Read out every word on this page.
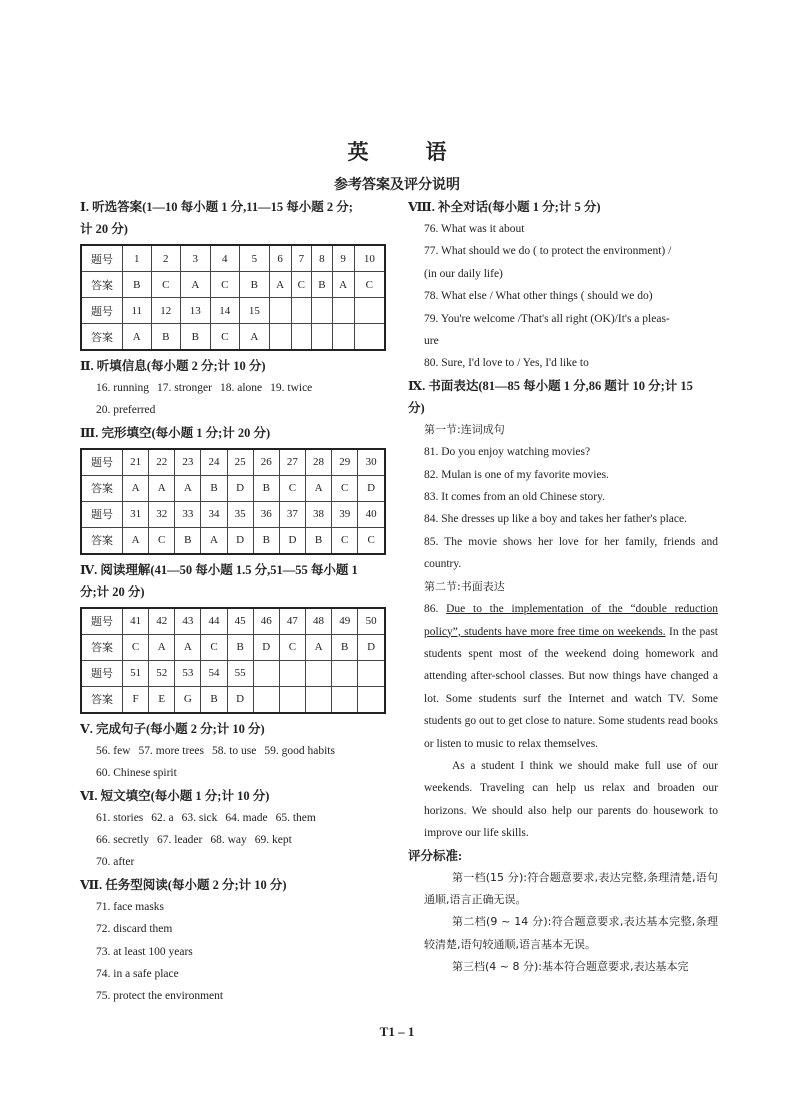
英　语
参考答案及评分说明

Ⅰ. 听选答案(1—10 每小题 1 分,11—15 每小题 2 分;

计 20 分)

题号	1	2	3	4	5	6	7	8	9	10
答案	B	C	A	C	B	A	C	B	A	C
题号	11	12	13	14	15					
答案	A	B	B	C	A					

Ⅱ. 听填信息(每小题 2 分;计 10 分)

16. running 17. stronger 18. alone 19. twice

20. preferred

Ⅲ. 完形填空(每小题 1 分;计 20 分)

题号	21	22	23	24	25	26	27	28	29	30
答案	A	A	A	B	D	B	C	A	C	D
题号	31	32	33	34	35	36	37	38	39	40
答案	A	C	B	A	D	B	D	B	C	C

Ⅳ. 阅读理解(41—50 每小题 1.5 分,51—55 每小题 1

分;计 20 分)

题号	41	42	43	44	45	46	47	48	49	50
答案	C	A	A	C	B	D	C	A	B	D
题号	51	52	53	54	55					
答案	F	E	G	B	D					

Ⅴ. 完成句子(每小题 2 分;计 10 分)

56. few 57. more trees 58. to use 59. good habits

60. Chinese spirit

Ⅵ. 短文填空(每小题 1 分;计 10 分)

61. stories 62. a 63. sick 64. made 65. them

66. secretly 67. leader 68. way 69. kept

70. after

Ⅶ. 任务型阅读(每小题 2 分;计 10 分)

71. face masks

72. discard them

73. at least 100 years

74. in a safe place

75. protect the environment

Ⅷ. 补全对话(每小题 1 分;计 5 分)

76. What was it about

77. What should we do ( to protect the environment) /

(in our daily life)

78. What else / What other things ( should we do)

79. You're welcome /That's all right (OK)/It's a pleas-

ure

80. Sure, I'd love to / Yes, I'd like to

Ⅸ. 书面表达(81—85 每小题 1 分,86 题计 10 分;计 15

分)

第一节:连词成句

81. Do you enjoy watching movies?

82. Mulan is one of my favorite movies.

83. It comes from an old Chinese story.

84. She dresses up like a boy and takes her father's place.

85. The movie shows her love for her family, friends and country.

第二节:书面表达

86. Due to the implementation of the “double reduction policy”, students have more free time on weekends. In the past students spent most of the weekend doing homework and attending after-school classes. But now things have changed a lot. Some students surf the Internet and watch TV. Some students go out to get close to nature. Some students read books or listen to music to relax themselves.

As a student I think we should make full use of our weekends. Traveling can help us relax and broaden our horizons. We should also help our parents do housework to improve our life skills.

评分标准:

第一档(15 分):符合题意要求,表达完整,条理清楚,语句通顺,语言正确无误。

第二档(9 ~ 14 分):符合题意要求,表达基本完整,条理较清楚,语句较通顺,语言基本无误。

第三档(4 ~ 8 分):基本符合题意要求,表达基本完

T1 – 1
